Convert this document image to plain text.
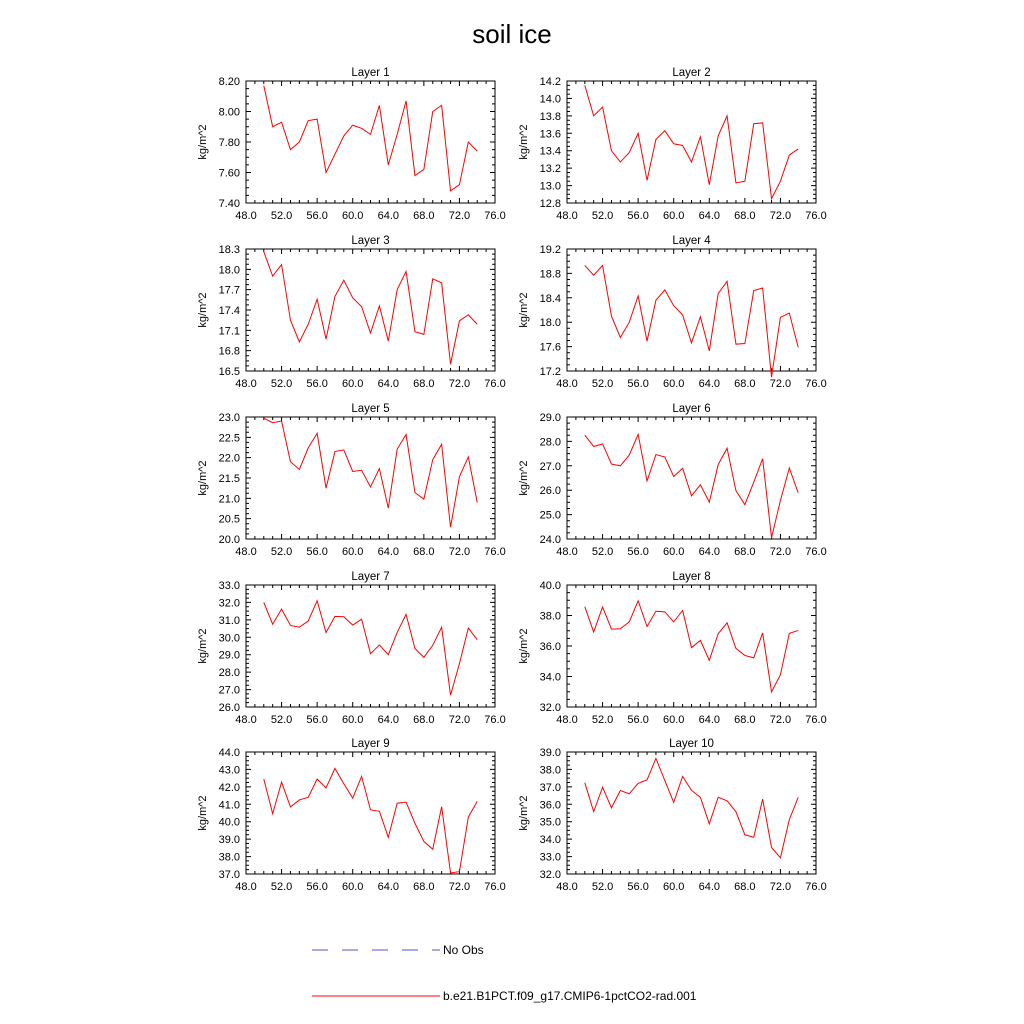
soil ice
48.0 52.0 56.0 60.0 64.0 68.0 72.0 76.0
7.40
7.60
7.80
8.00
8.20
Layer 1
kg/m^2
48.0 52.0 56.0 60.0 64.0 68.0 72.0 76.0
12.8
13.0
13.2
13.4
13.6
13.8
14.0
14.2
Layer 2
kg/m^2
48.0 52.0 56.0 60.0 64.0 68.0 72.0 76.0
16.5
16.8
17.1
17.4
17.7
18.0
18.3
Layer 3
kg/m^2
48.0 52.0 56.0 60.0 64.0 68.0 72.0 76.0
17.2
17.6
18.0
18.4
18.8
19.2
Layer 4
kg/m^2
48.0 52.0 56.0 60.0 64.0 68.0 72.0 76.0
20.0
20.5
21.0
21.5
22.0
22.5
23.0
Layer 5
kg/m^2
48.0 52.0 56.0 60.0 64.0 68.0 72.0 76.0
24.0
25.0
26.0
27.0
28.0
29.0
Layer 6
kg/m^2
48.0 52.0 56.0 60.0 64.0 68.0 72.0 76.0
26.0
27.0
28.0
29.0
30.0
31.0
32.0
33.0
Layer 7
kg/m^2
48.0 52.0 56.0 60.0 64.0 68.0 72.0 76.0
32.0
34.0
36.0
38.0
40.0
Layer 8
kg/m^2
48.0 52.0 56.0 60.0 64.0 68.0 72.0 76.0
37.0
38.0
39.0
40.0
41.0
42.0
43.0
44.0
Layer 9
kg/m^2
48.0 52.0 56.0 60.0 64.0 68.0 72.0 76.0
32.0
33.0
34.0
35.0
36.0
37.0
38.0
39.0
Layer 10
kg/m^2
No Obs
b.e21.B1PCT.f09_g17.CMIP6-1pctCO2-rad.001
